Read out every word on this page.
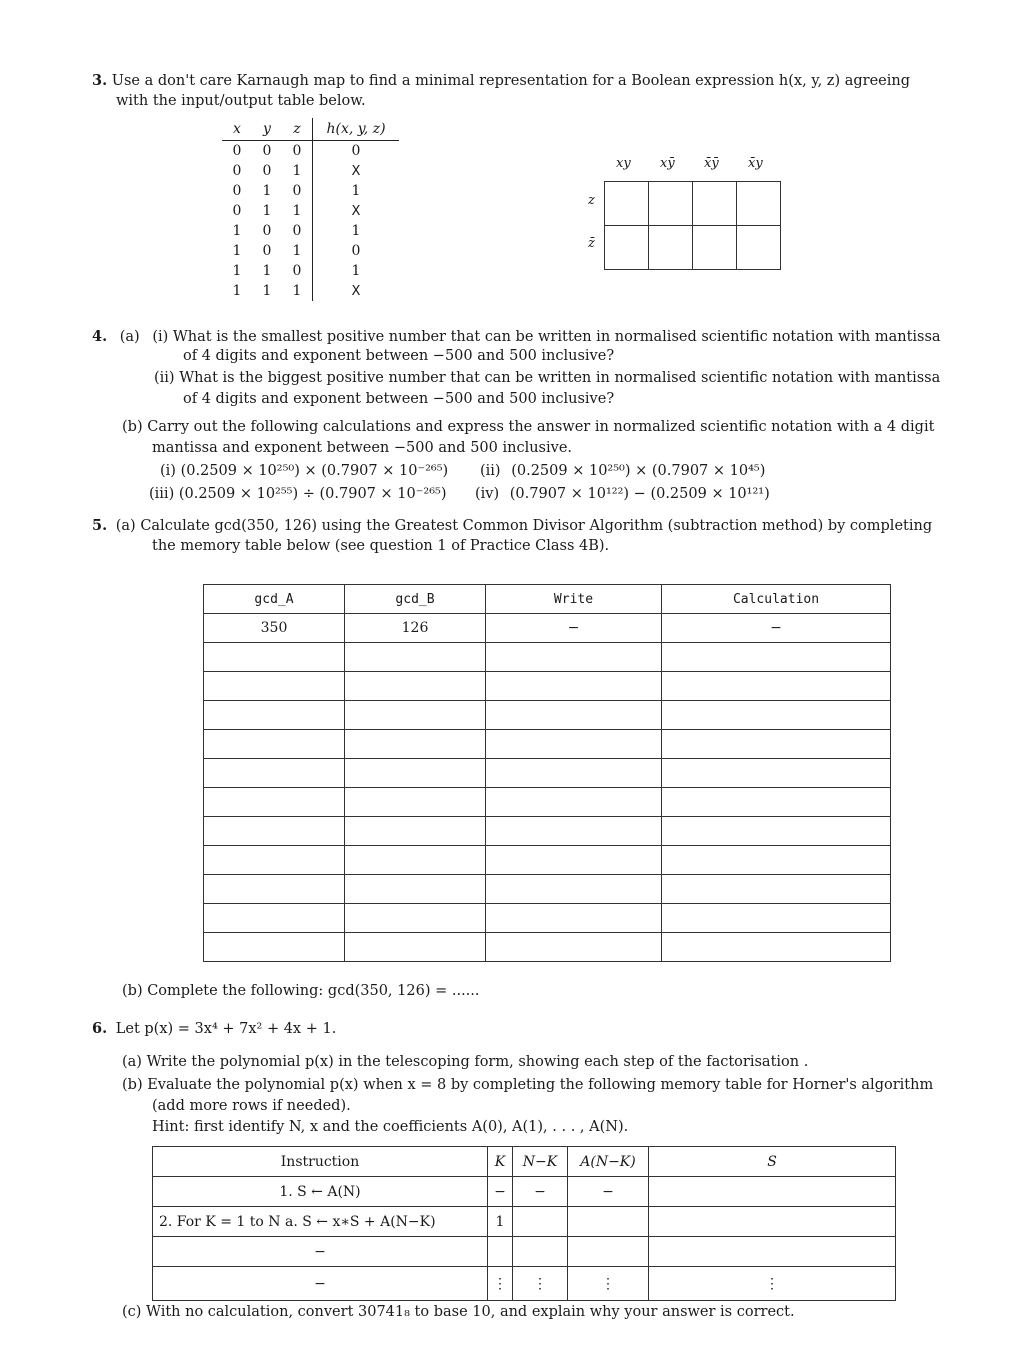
3. Use a don't care Karnaugh map to find a minimal representation for a Boolean expression h(x, y, z) agreeing
with the input/output table below.
x	y	z	h(x, y, z)
0	0	0	0
0	0	1	X
0	1	0	1
0	1	1	X
1	0	0	1
1	0	1	0
1	1	0	1
1	1	1	X
xy xȳ x̄ȳ x̄y
z
z̄

4. (a) (i) What is the smallest positive number that can be written in normalised scientific notation with mantissa
of 4 digits and exponent between −500 and 500 inclusive?
(ii) What is the biggest positive number that can be written in normalised scientific notation with mantissa
of 4 digits and exponent between −500 and 500 inclusive?
(b) Carry out the following calculations and express the answer in normalized scientific notation with a 4 digit
mantissa and exponent between −500 and 500 inclusive.
(i) (0.2509 × 10²⁵⁰) × (0.7907 × 10⁻²⁶⁵) (ii) (0.2509 × 10²⁵⁰) × (0.7907 × 10⁴⁵)
(iii) (0.2509 × 10²⁵⁵) ÷ (0.7907 × 10⁻²⁶⁵) (iv) (0.7907 × 10¹²²) − (0.2509 × 10¹²¹)
5. (a) Calculate gcd(350, 126) using the Greatest Common Divisor Algorithm (subtraction method) by completing
the memory table below (see question 1 of Practice Class 4B).
gcd_A	gcd_B	Write	Calculation
350	126	−	−

(b) Complete the following: gcd(350, 126) = ......
6. Let p(x) = 3x⁴ + 7x² + 4x + 1.
(a) Write the polynomial p(x) in the telescoping form, showing each step of the factorisation .
(b) Evaluate the polynomial p(x) when x = 8 by completing the following memory table for Horner's algorithm
(add more rows if needed).
Hint: first identify N, x and the coefficients A(0), A(1), . . . , A(N).
Instruction	K	N−K	A(N−K)	S
1. S ← A(N)	−	−	−	
2. For K = 1 to N a. S ← x∗S + A(N−K)	1			
−				
−	⋮	⋮	⋮	⋮
(c) With no calculation, convert 30741₈ to base 10, and explain why your answer is correct.
